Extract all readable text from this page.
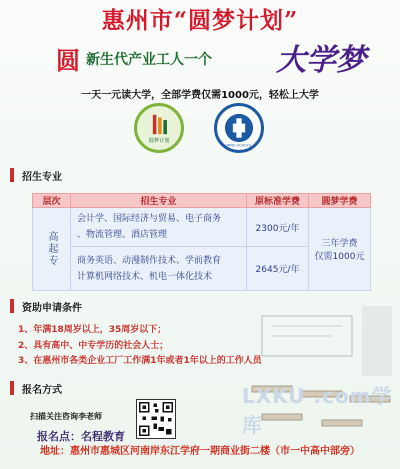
惠州市“圆梦计划”
圆 新生代产业工人一个 大学梦
一天一元读大学，全部学费仅需1000元，轻松上大学
圆梦计划
MING SCHOOL
招生专业
层次	招生专业	原标准学费	圆梦学费
高起专	会计学、国际经济与贸易、电子商务
、物流管理、酒店管理	2300元/年	三年学费
仅需1000元

	商务英语、动漫制作技术、学前教育
计算机网络技术、机电一体化技术	2645元/年	
LXKU .com学库
资助申请条件
1、年满18周岁以上，35周岁以下；
2、具有高中、中专学历的社会人士；
3、在惠州市各类企业工厂工作满1年或者1年以上的工作人员
报名方式
扫描关注咨询李老师
报名点：名程教育
地址：惠州市惠城区河南岸东江学府一期商业街二楼（市一中高中部旁）
